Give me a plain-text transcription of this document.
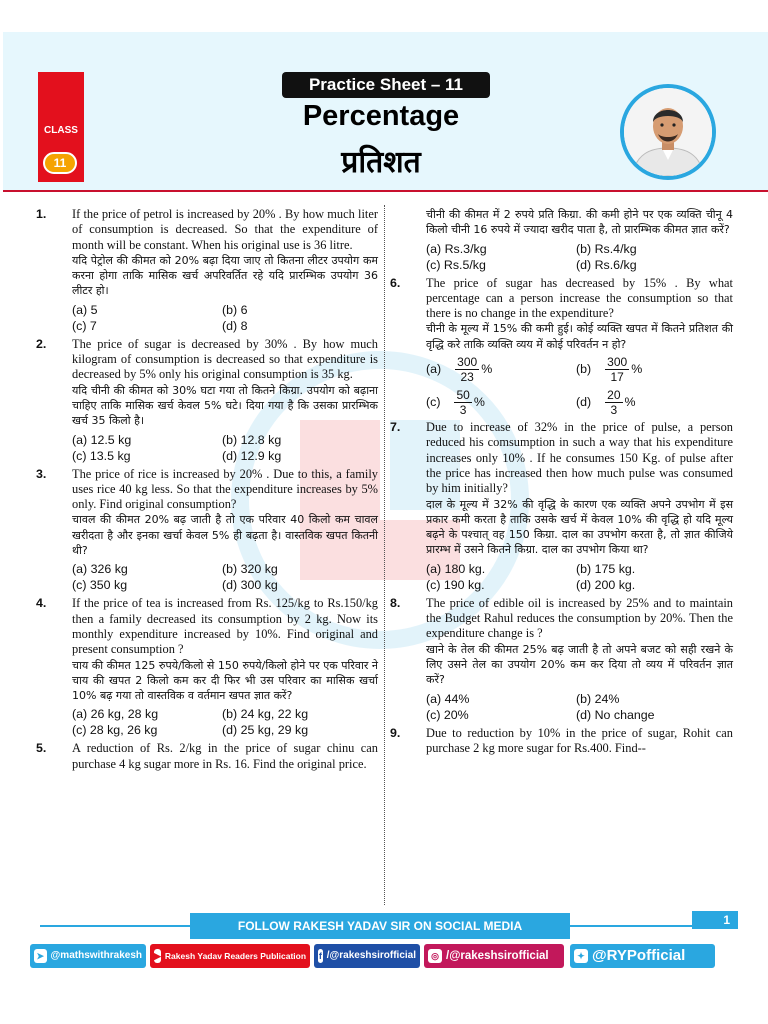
CLASS
11
Practice Sheet – 11
Percentage
प्रतिशत
1. If the price of petrol is increased by 20% . By how much liter of consumption is decreased. So that the expenditure of month will be constant. When his original use is 36 litre.
यदि पेट्रोल की कीमत को 20% बढ़ा दिया जाए तो कितना लीटर उपयोग कम करना होगा ताकि मासिक खर्च अपरिवर्तित रहे यदि प्रारम्भिक उपयोग 36 लीटर हो।
(a) 5	(b) 6
(c) 7	(d) 8
2. The price of sugar is decreased by 30% . By how much kilogram of consumption is decreased so that expenditure is decreased by 5% only his original consumption is 35 kg.
यदि चीनी की कीमत को 30% घटा गया तो कितने किग्रा. उपयोग को बढ़ाना चाहिए ताकि मासिक खर्च केवल 5% घटे। दिया गया है कि उसका प्रारम्भिक खर्च 35 किलो है।
(a) 12.5 kg	(b) 12.8 kg
(c) 13.5 kg	(d) 12.9 kg
3. The price of rice is increased by 20% . Due to this, a family uses rice 40 kg less. So that the expenditure increases by 5% only. Find original consumption?
चावल की कीमत 20% बढ़ जाती है तो एक परिवार 40 किलो कम चावल खरीदता है और इनका खर्चा केवल 5% ही बढ़ता है। वास्तविक खपत कितनी थी?
(a) 326 kg	(b) 320 kg
(c) 350 kg	(d) 300 kg
4. If the price of tea is increased from Rs. 125/kg to Rs.150/kg then a family decreased its consumption by 2 kg. Now its monthly expenditure increased by 10%. Find original and present consumption ?
चाय की कीमत 125 रुपये/किलो से 150 रुपये/किलो होने पर एक परिवार ने चाय की खपत 2 किलो कम कर दी फिर भी उस परिवार का मासिक खर्चा 10% बढ़ गया तो वास्तविक व वर्तमान खपत ज्ञात करें?
(a) 26 kg, 28 kg	(b) 24 kg, 22 kg
(c) 28 kg, 26 kg	(d) 25 kg, 29 kg
5. A reduction of Rs. 2/kg in the price of sugar chinu can purchase 4 kg sugar more in Rs. 16. Find the original price.
चीनी की कीमत में 2 रुपये प्रति किग्रा. की कमी होने पर एक व्यक्ति चीनू 4 किलो चीनी 16 रुपये में ज्यादा खरीद पाता है, तो प्रारम्भिक कीमत ज्ञात करें?
(a) Rs.3/kg	(b) Rs.4/kg
(c) Rs.5/kg	(d) Rs.6/kg
6. The price of sugar has decreased by 15% . By what percentage can a person increase the consumption so that there is no change in the expenditure?
चीनी के मूल्य में 15% की कमी हुई। कोई व्यक्ति खपत में कितने प्रतिशत की वृद्धि करे ताकि व्यक्ति व्यय में कोई परिवर्तन न हो?
$(a) \frac{300}{23}$ %	$(b) \frac{300}{17}$ %
$(c) \frac{50}{3}$ %	$(d) \frac{20}{3}$ %
7. Due to increase of 32% in the price of pulse, a person reduced his comsumption in such a way that his expenditure increases only 10% . If he consumes 150 Kg. of pulse after the price has increased then how much pulse was consumed by him initially?
दाल के मूल्य में 32% की वृद्धि के कारण एक व्यक्ति अपने उपभोग में इस प्रकार कमी करता है ताकि उसके खर्च में केवल 10% की वृद्धि हो यदि मूल्य बढ़ने के पश्चात् वह 150 किग्रा. दाल का उपभोग करता है, तो ज्ञात कीजिये प्रारम्भ में उसने कितने किग्रा. दाल का उपभोग किया था?
(a) 180 kg.	(b) 175 kg.
(c) 190 kg.	(d) 200 kg.
8. The price of edible oil is increased by 25% and to maintain the Budget Rahul reduces the consumption by 20%. Then the expenditure change is ?
खाने के तेल की कीमत 25% बढ़ जाती है तो अपने बजट को सही रखने के लिए उसने तेल का उपयोग 20% कम कर दिया तो व्यय में परिवर्तन ज्ञात करें?
(a) 44%	(b) 24%
(c) 20%	(d) No change
9. Due to reduction by 10% in the price of sugar, Rohit can purchase 2 kg more sugar for Rs.400. Find--
FOLLOW RAKESH YADAV SIR ON SOCIAL MEDIA	1
➤ @mathswithrakesh ▶ Rakesh Yadav Readers Publication f /@rakeshsirofficial	◎ /@rakeshsirofficial	✦ @RYPofficial
